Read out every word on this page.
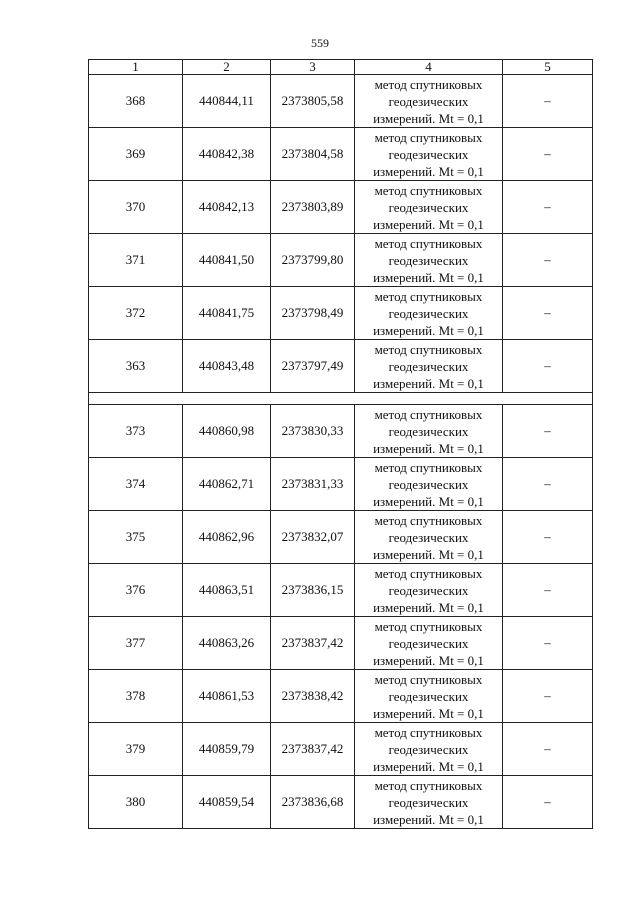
559
1	2	3	4	5
368	440844,11	2373805,58	метод спутниковых
геодезических
измерений. Mt = 0,1	–
369	440842,38	2373804,58	метод спутниковых
геодезических
измерений. Mt = 0,1	–
370	440842,13	2373803,89	метод спутниковых
геодезических
измерений. Mt = 0,1	–
371	440841,50	2373799,80	метод спутниковых
геодезических
измерений. Mt = 0,1	–
372	440841,75	2373798,49	метод спутниковых
геодезических
измерений. Mt = 0,1	–
363	440843,48	2373797,49	метод спутниковых
геодезических
измерений. Mt = 0,1	–

373	440860,98	2373830,33	метод спутниковых
геодезических
измерений. Mt = 0,1	–
374	440862,71	2373831,33	метод спутниковых
геодезических
измерений. Mt = 0,1	–
375	440862,96	2373832,07	метод спутниковых
геодезических
измерений. Mt = 0,1	–
376	440863,51	2373836,15	метод спутниковых
геодезических
измерений. Mt = 0,1	–
377	440863,26	2373837,42	метод спутниковых
геодезических
измерений. Mt = 0,1	–
378	440861,53	2373838,42	метод спутниковых
геодезических
измерений. Mt = 0,1	–
379	440859,79	2373837,42	метод спутниковых
геодезических
измерений. Mt = 0,1	–
380	440859,54	2373836,68	метод спутниковых
геодезических
измерений. Mt = 0,1	–
